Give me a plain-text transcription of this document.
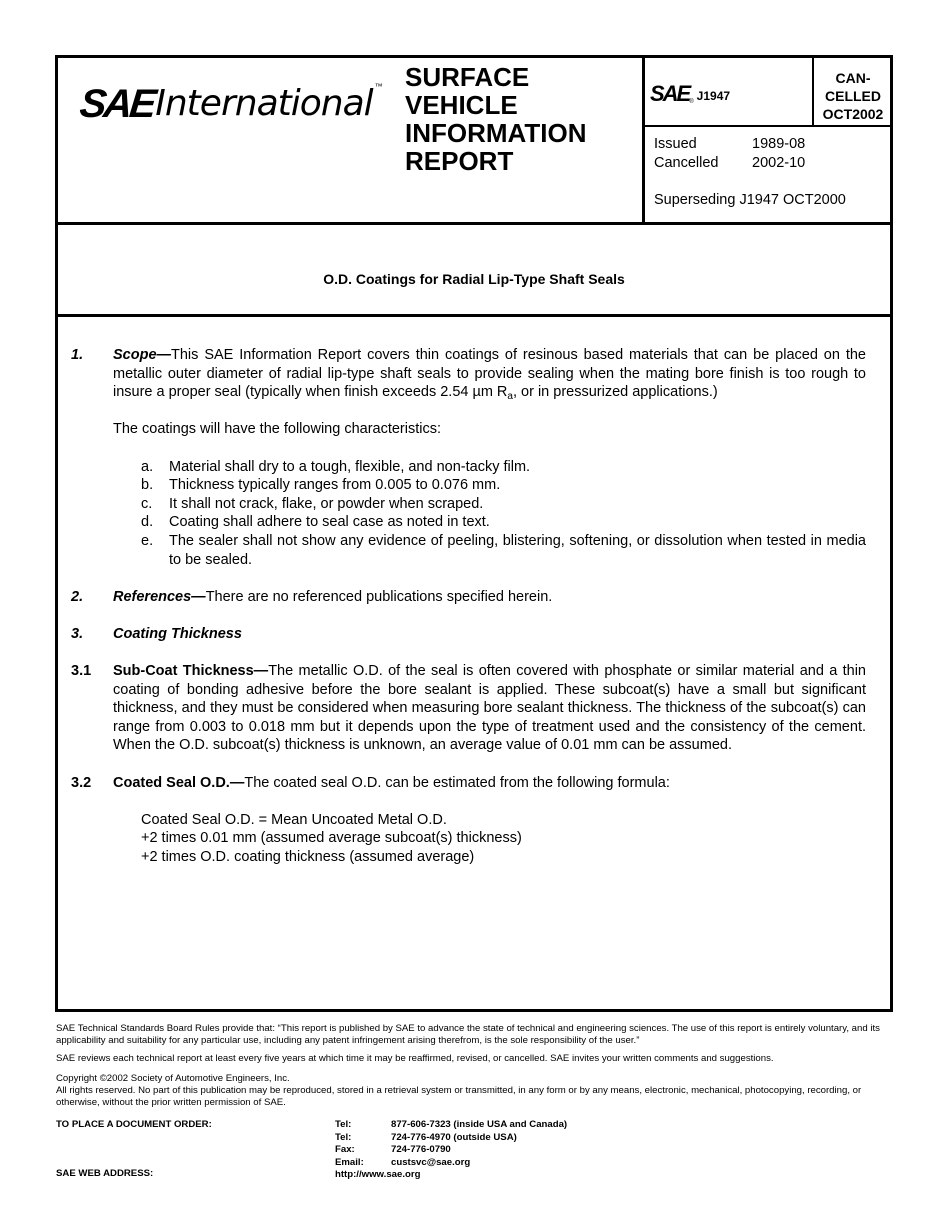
SAE International ™ SURFACE
VEHICLE
INFORMATION
REPORT
SAE ® J1947
CAN-
CELLED
OCT2002
Issued	1989-08
Cancelled	2002-10
Superseding J1947 OCT2000
O.D. Coatings for Radial Lip-Type Shaft Seals
1.	Scope—This SAE Information Report covers thin coatings of resinous based materials that can be placed on the metallic outer diameter of radial lip-type shaft seals to provide sealing when the mating bore finish is too rough to insure a proper seal (typically when finish exceeds 2.54 µm $R_a$, or in pressurized applications.)
The coatings will have the following characteristics:
a.	Material shall dry to a tough, flexible, and non-tacky film.
b.	Thickness typically ranges from 0.005 to 0.076 mm.
c.	It shall not crack, flake, or powder when scraped.
d.	Coating shall adhere to seal case as noted in text.
e.	The sealer shall not show any evidence of peeling, blistering, softening, or dissolution when tested in media to be sealed.
2.	References—There are no referenced publications specified herein.
3.	Coating Thickness
3.1	Sub-Coat Thickness—The metallic O.D. of the seal is often covered with phosphate or similar material and a thin coating of bonding adhesive before the bore sealant is applied. These subcoat(s) have a small but significant thickness, and they must be considered when measuring bore sealant thickness. The thickness of the subcoat(s) can range from 0.003 to 0.018 mm but it depends upon the type of treatment used and the consistency of the cement. When the O.D. subcoat(s) thickness is unknown, an average value of 0.01 mm can be assumed.
3.2	Coated Seal O.D.—The coated seal O.D. can be estimated from the following formula:
Coated Seal O.D. = Mean Uncoated Metal O.D.
+2 times 0.01 mm (assumed average subcoat(s) thickness)
+2 times O.D. coating thickness (assumed average)
SAE Technical Standards Board Rules provide that: “This report is published by SAE to advance the state of technical and engineering sciences. The use of this report is entirely voluntary, and its applicability and suitability for any particular use, including any patent infringement arising therefrom, is the sole responsibility of the user.”
SAE reviews each technical report at least every five years at which time it may be reaffirmed, revised, or cancelled. SAE invites your written comments and suggestions.
Copyright ©2002 Society of Automotive Engineers, Inc.
All rights reserved. No part of this publication may be reproduced, stored in a retrieval system or transmitted, in any form or by any means, electronic, mechanical, photocopying, recording, or otherwise, without the prior written permission of SAE.
TO PLACE A DOCUMENT ORDER:
SAE WEB ADDRESS:
Tel:	877-606-7323 (inside USA and Canada)
Tel:	724-776-4970 (outside USA)
Fax:	724-776-0790
Email:	custsvc@sae.org
http://www.sae.org
